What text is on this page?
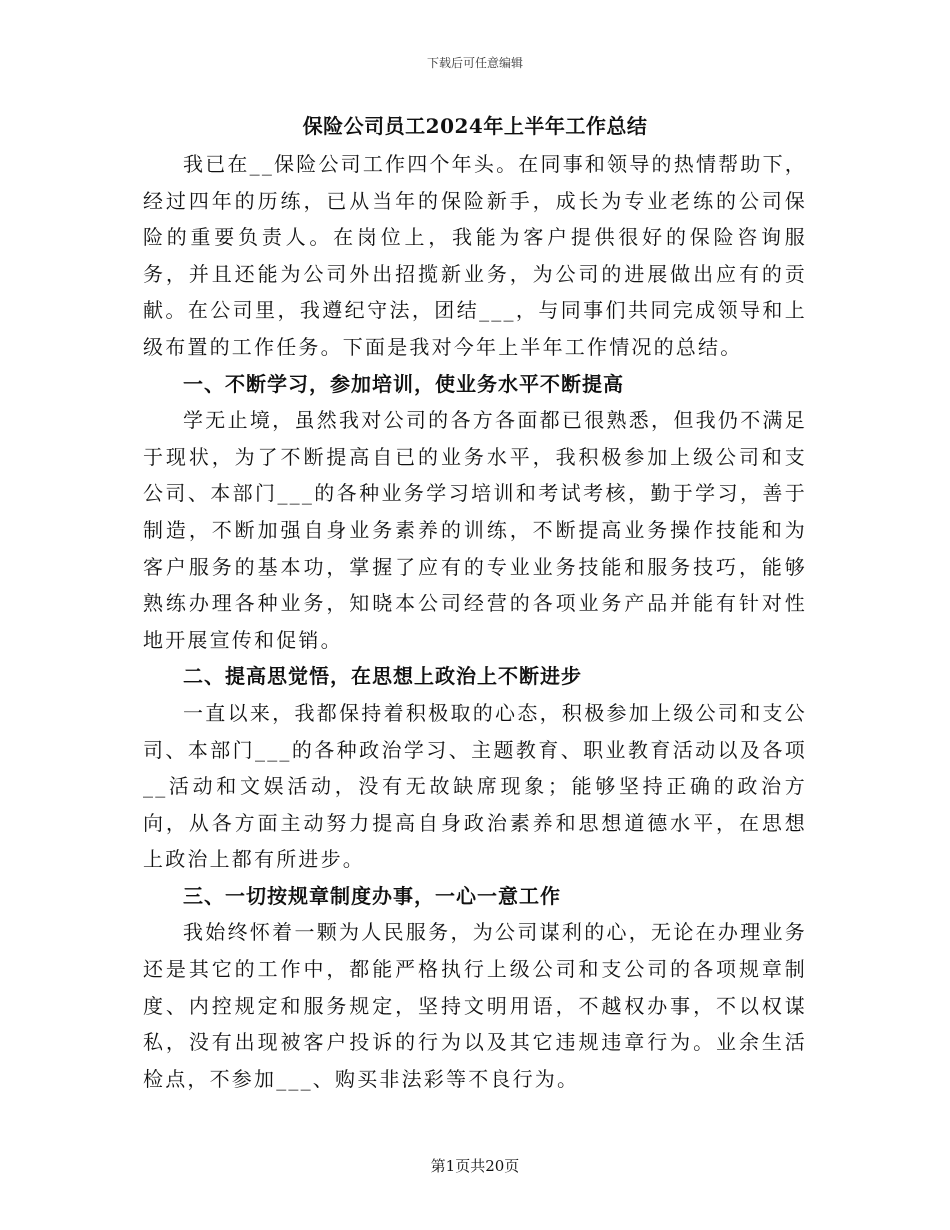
下载后可任意编辑
保险公司员工2024年上半年工作总结

我已在__保险公司工作四个年头。在同事和领导的热情帮助下，经过四年的历练，已从当年的保险新手，成长为专业老练的公司保险的重要负责人。在岗位上，我能为客户提供很好的保险咨询服务，并且还能为公司外出招揽新业务，为公司的进展做出应有的贡献。在公司里，我遵纪守法，团结___，与同事们共同完成领导和上级布置的工作任务。下面是我对今年上半年工作情况的总结。

一、不断学习，参加培训，使业务水平不断提高

学无止境，虽然我对公司的各方各面都已很熟悉，但我仍不满足于现状，为了不断提高自已的业务水平，我积极参加上级公司和支公司、本部门___的各种业务学习培训和考试考核，勤于学习，善于制造，不断加强自身业务素养的训练，不断提高业务操作技能和为客户服务的基本功，掌握了应有的专业业务技能和服务技巧，能够熟练办理各种业务，知晓本公司经营的各项业务产品并能有针对性地开展宣传和促销。

二、提高思觉悟，在思想上政治上不断进步

一直以来，我都保持着积极取的心态，积极参加上级公司和支公司、本部门___的各种政治学习、主题教育、职业教育活动以及各项__活动和文娱活动，没有无故缺席现象；能够坚持正确的政治方向，从各方面主动努力提高自身政治素养和思想道德水平，在思想上政治上都有所进步。

三、一切按规章制度办事，一心一意工作

我始终怀着一颗为人民服务，为公司谋利的心，无论在办理业务还是其它的工作中，都能严格执行上级公司和支公司的各项规章制度、内控规定和服务规定，坚持文明用语，不越权办事，不以权谋私，没有出现被客户投诉的行为以及其它违规违章行为。业余生活检点，不参加___、购买非法彩等不良行为。

第1页共20页
